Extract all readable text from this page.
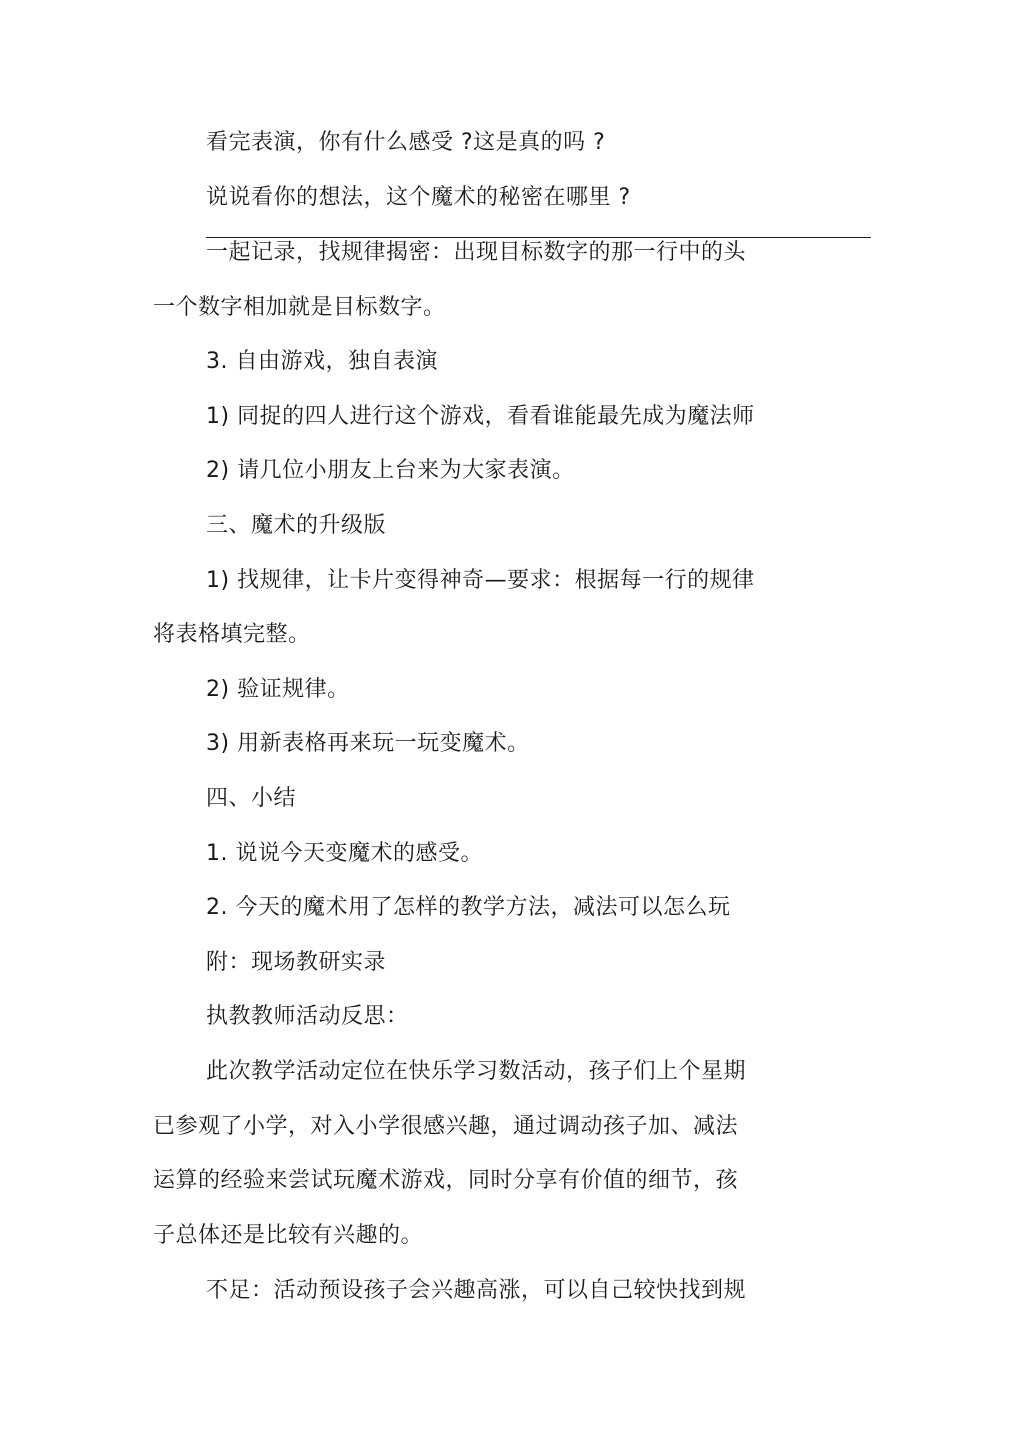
看完表演，你有什么感受 ?这是真的吗 ?
说说看你的想法，这个魔术的秘密在哪里 ?
一起记录，找规律揭密：出现目标数字的那一行中的头
一个数字相加就是目标数字。
3. 自由游戏，独自表演
1) 同捉的四人进行这个游戏，看看谁能最先成为魔法师
2) 请几位小朋友上台来为大家表演。
三、魔术的升级版
1) 找规律，让卡片变得神奇—要求：根据每一行的规律
将表格填完整。
2) 验证规律。
3) 用新表格再来玩一玩变魔术。
四、小结
1. 说说今天变魔术的感受。
2. 今天的魔术用了怎样的教学方法，减法可以怎么玩
附：现场教研实录
执教教师活动反思：
此次教学活动定位在快乐学习数活动，孩子们上个星期
已参观了小学，对入小学很感兴趣，通过调动孩子加、减法
运算的经验来尝试玩魔术游戏，同时分享有价值的细节，孩
子总体还是比较有兴趣的。
不足：活动预设孩子会兴趣高涨，可以自己较快找到规
